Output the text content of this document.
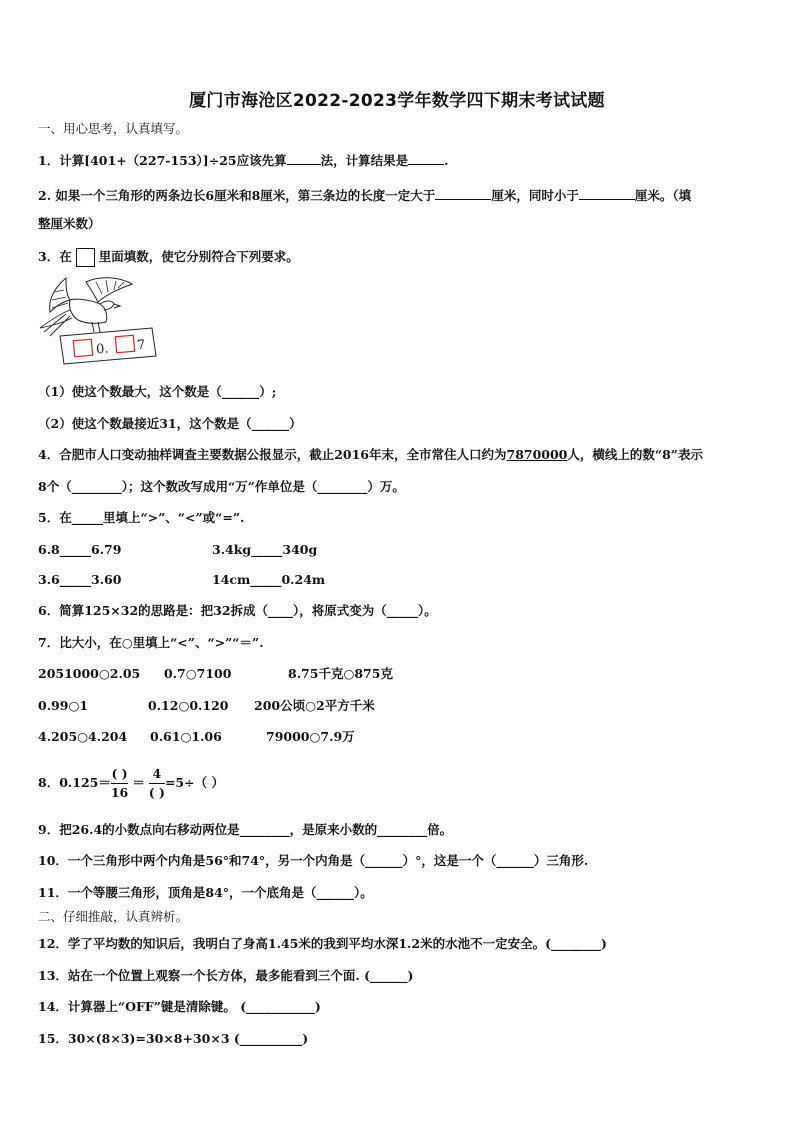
厦门市海沧区2022-2023学年数学四下期末考试试题
一、用心思考，认真填写。
1．计算[401+（227-153）]÷25应该先算	法，计算结果是	.
2. 如果一个三角形的两条边长6厘米和8厘米，第三条边的长度一定大于	厘米，同时小于	厘米。（填
整厘米数）
3．在 里面填数，使它分别符合下列要求。
0. 7
（1）使这个数最大，这个数是（______）;
（2）使这个数最接近31，这个数是（______）
4．合肥市人口变动抽样调查主要数据公报显示，截止2016年末，全市常住人口约为7870000人，横线上的数“8”表示
8个（________）；这个数改写成用“万”作单位是（________）万。
5．在_____里填上“>”、“<”或“=”.
6.8_____6.79	3.4kg_____340g
3.6_____3.60	14cm_____0.24m
6．简算125×32的思路是：把32拆成（____），将原式变为（_____）。
7．比大小，在○里填上“<”、“>”“＝”.
2051000○2.05 0.7○7100	8.75千克○875克
0.99○1	0.12○0.120 200公顷○2平方千米
4.205○4.204 0.61○1.06	79000○7.9万
8．$0.125= \frac{( )}{16} = \frac{4}{( )} =5\div$（ ）
9．把26.4的小数点向右移动两位是________，是原来小数的________倍。
10．一个三角形中两个内角是56°和74°，另一个内角是（______）°，这是一个（______）三角形.
11．一个等腰三角形，顶角是84°，一个底角是（______）。
二、仔细推敲，认真辨析。
12．学了平均数的知识后，我明白了身高1.45米的我到平均水深1.2米的水池不一定安全。(________)
13．站在一个位置上观察一个长方体，最多能看到三个面. (______)
14．计算器上“OFF”键是清除键。 (___________)
15．30×(8×3)=30×8+30×3 (__________)
